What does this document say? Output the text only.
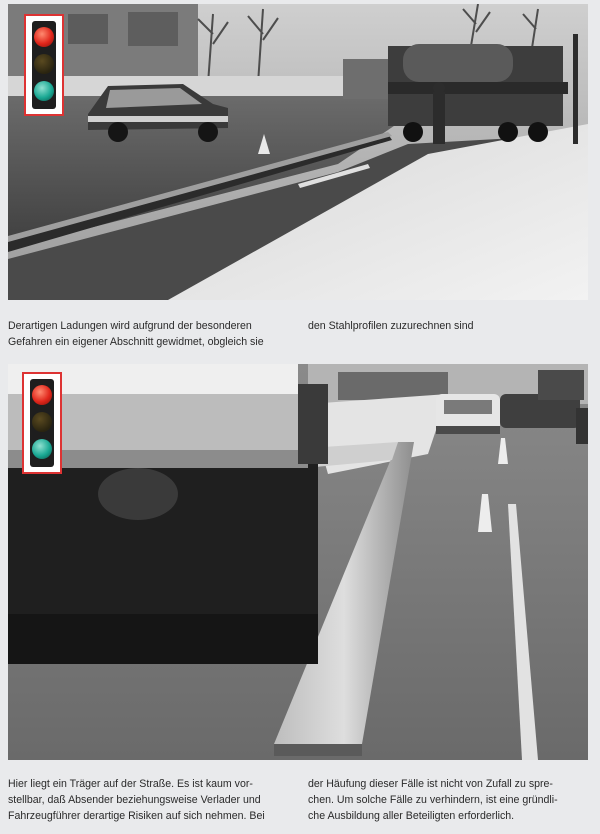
Derartigen Ladungen wird aufgrund der besonderen
Gefahren ein eigener Abschnitt gewidmet, obgleich sie
den Stahlprofilen zuzurechnen sind
Hier liegt ein Träger auf der Straße. Es ist kaum vor-
stellbar, daß Absender beziehungsweise Verlader und
Fahrzeugführer derartige Risiken auf sich nehmen. Bei
der Häufung dieser Fälle ist nicht von Zufall zu spre-
chen. Um solche Fälle zu verhindern, ist eine gründli-
che Ausbildung aller Beteiligten erforderlich.
